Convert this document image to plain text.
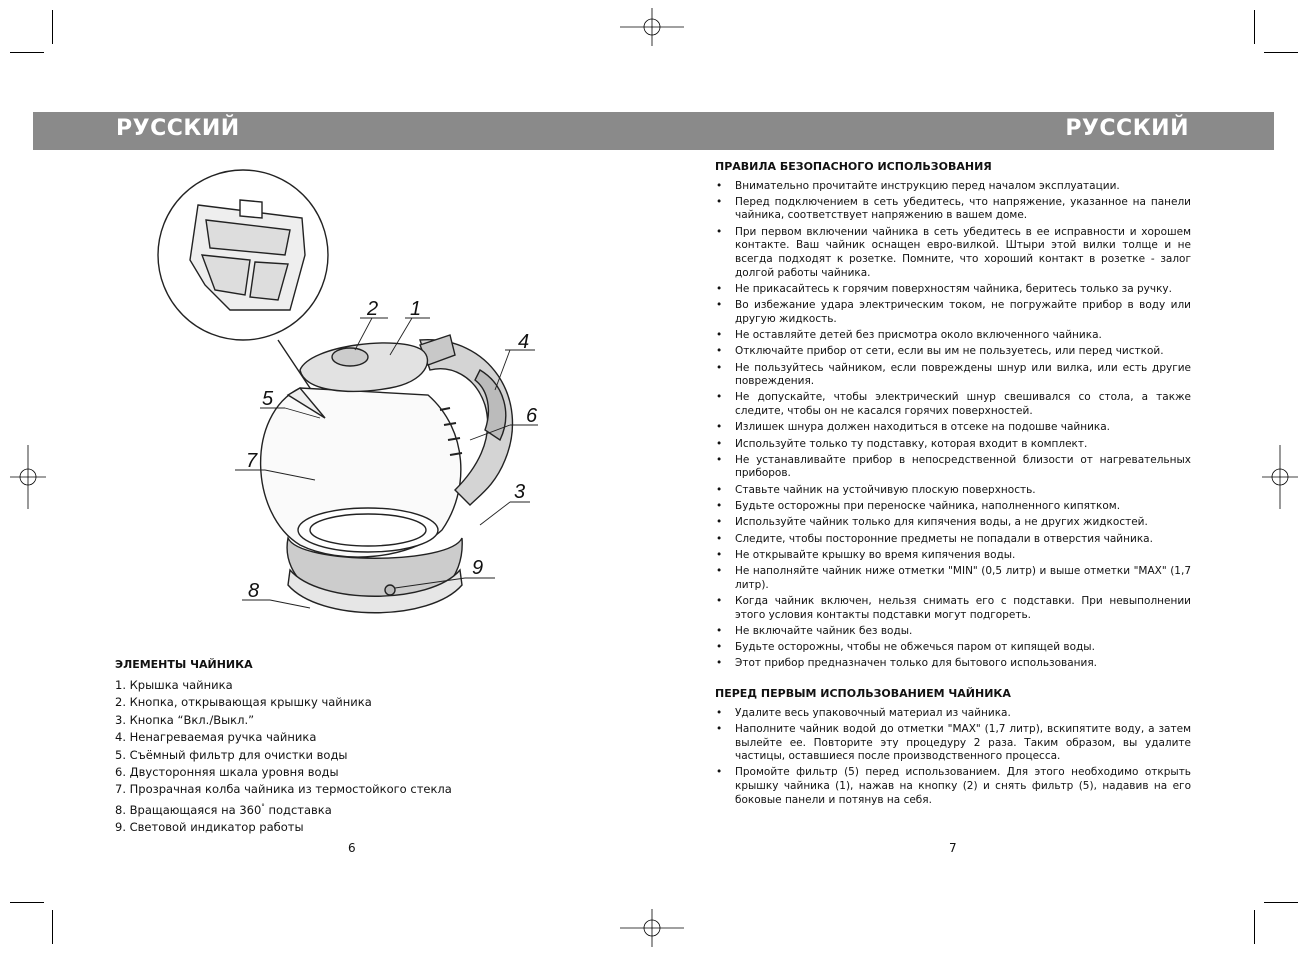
РУССКИЙ	РУССКИЙ
2 1
4
5
6
7
3
9
8
ЭЛЕМЕНТЫ ЧАЙНИКА
1. Крышка чайника
2. Кнопка, открывающая крышку чайника
3. Кнопка “Вкл./Выкл.”
4. Ненагреваемая ручка чайника
5. Съёмный фильтр для очистки воды
6. Двусторонняя шкала уровня воды
7. Прозрачная колба чайника из термостойкого стекла
8. Вращающаяся на 360° подставка
9. Световой индикатор работы
ПРАВИЛА БЕЗОПАСНОГО ИСПОЛЬЗОВАНИЯ
• Внимательно прочитайте инструкцию перед началом эксплуатации.
• Перед подключением в сеть убедитесь, что напряжение, указанное на панели чайника, соответствует напряжению в вашем доме.
• При первом включении чайника в сеть убедитесь в ее исправности и хорошем контакте. Ваш чайник оснащен евро-вилкой. Штыри этой вилки толще и не всегда подходят к розетке. Помните, что хороший контакт в розетке - залог долгой работы чайника.
• Не прикасайтесь к горячим поверхностям чайника, беритесь только за ручку.
• Во избежание удара электрическим током, не погружайте прибор в воду или другую жидкость.
• Не оставляйте детей без присмотра около включенного чайника.
• Отключайте прибор от сети, если вы им не пользуетесь, или перед чисткой.
• Не пользуйтесь чайником, если повреждены шнур или вилка, или есть другие повреждения.
• Не допускайте, чтобы электрический шнур свешивался со стола, а также следите, чтобы он не касался горячих поверхностей.
• Излишек шнура должен находиться в отсеке на подошве чайника.
• Используйте только ту подставку, которая входит в комплект.
• Не устанавливайте прибор в непосредственной близости от нагревательных приборов.
• Ставьте чайник на устойчивую плоскую поверхность.
• Будьте осторожны при переноске чайника, наполненного кипятком.
• Используйте чайник только для кипячения воды, а не других жидкостей.
• Следите, чтобы посторонние предметы не попадали в отверстия чайника.
• Не открывайте крышку во время кипячения воды.
• Не наполняйте чайник ниже отметки "MIN" (0,5 литр) и выше отметки "MAX" (1,7 литр).
• Когда чайник включен, нельзя снимать его с подставки. При невыполнении этого условия контакты подставки могут подгореть.
• Не включайте чайник без воды.
• Будьте осторожны, чтобы не обжечься паром от кипящей воды.
• Этот прибор предназначен только для бытового использования.
ПЕРЕД ПЕРВЫМ ИСПОЛЬЗОВАНИЕМ ЧАЙНИКА
• Удалите весь упаковочный материал из чайника.
• Наполните чайник водой до отметки "MAX" (1,7 литр), вскипятите воду, а затем вылейте ее. Повторите эту процедуру 2 раза. Таким образом, вы удалите частицы, оставшиеся после производственного процесса.
• Промойте фильтр (5) перед использованием. Для этого необходимо открыть крышку чайника (1), нажав на кнопку (2) и снять фильтр (5), надавив на его боковые панели и потянув на себя.
6	7
